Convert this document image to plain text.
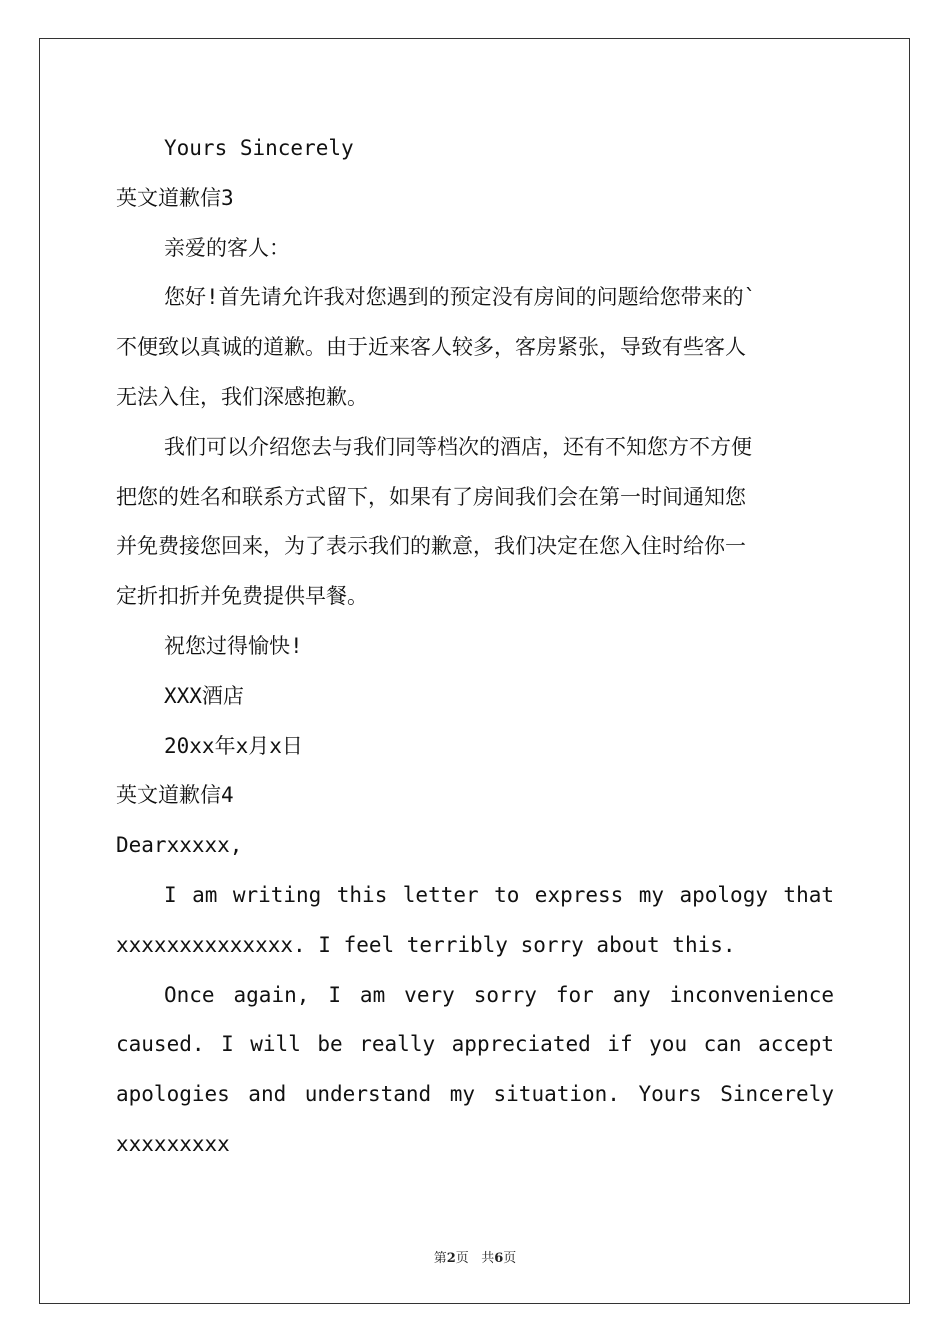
Yours Sincerely
英文道歉信3
亲爱的客人：
您好!首先请允许我对您遇到的预定没有房间的问题给您带来的`
不便致以真诚的道歉。由于近来客人较多，客房紧张，导致有些客人
无法入住，我们深感抱歉。
我们可以介绍您去与我们同等档次的酒店，还有不知您方不方便
把您的姓名和联系方式留下，如果有了房间我们会在第一时间通知您
并免费接您回来，为了表示我们的歉意，我们决定在您入住时给你一
定折扣折并免费提供早餐。
祝您过得愉快!
XXX酒店
20xx年x月x日
英文道歉信4
Dearxxxxx,
I am writing this letter to express my apology that
xxxxxxxxxxxxxx. I feel terribly sorry about this.
Once again, I am very sorry for any inconvenience
caused. I will be really appreciated if you can accept
apologies and understand my situation. Yours Sincerely
xxxxxxxxx
第2页 共6页
